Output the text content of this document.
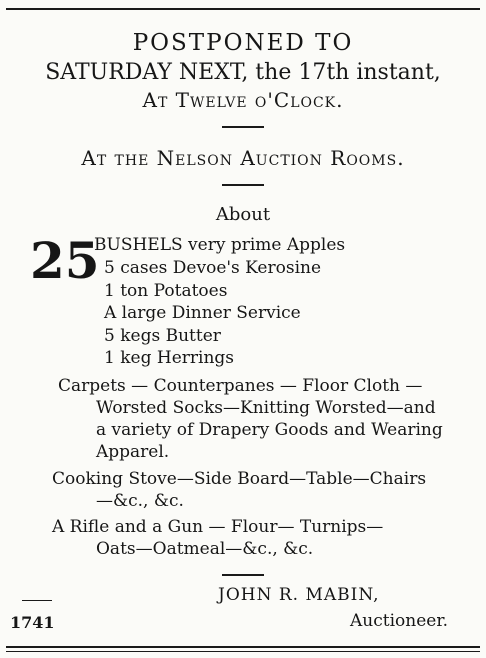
POSTPONED TO
SATURDAY NEXT, the 17th instant,
At Twelve o'Clock.
At the Nelson Auction Rooms.
About
25
BUSHELS very prime Apples
5 cases Devoe's Kerosine
1 ton Potatoes
A large Dinner Service
5 kegs Butter
1 keg Herrings
Carpets — Counterpanes — Floor Cloth —
Worsted Socks—Knitting Worsted—and
a variety of Drapery Goods and Wearing
Apparel.
Cooking Stove—Side Board—Table—Chairs
—&c., &c.
A Rifle and a Gun — Flour— Turnips—
Oats—Oatmeal—&c., &c.
JOHN R. MABIN,
1741	Auctioneer.
